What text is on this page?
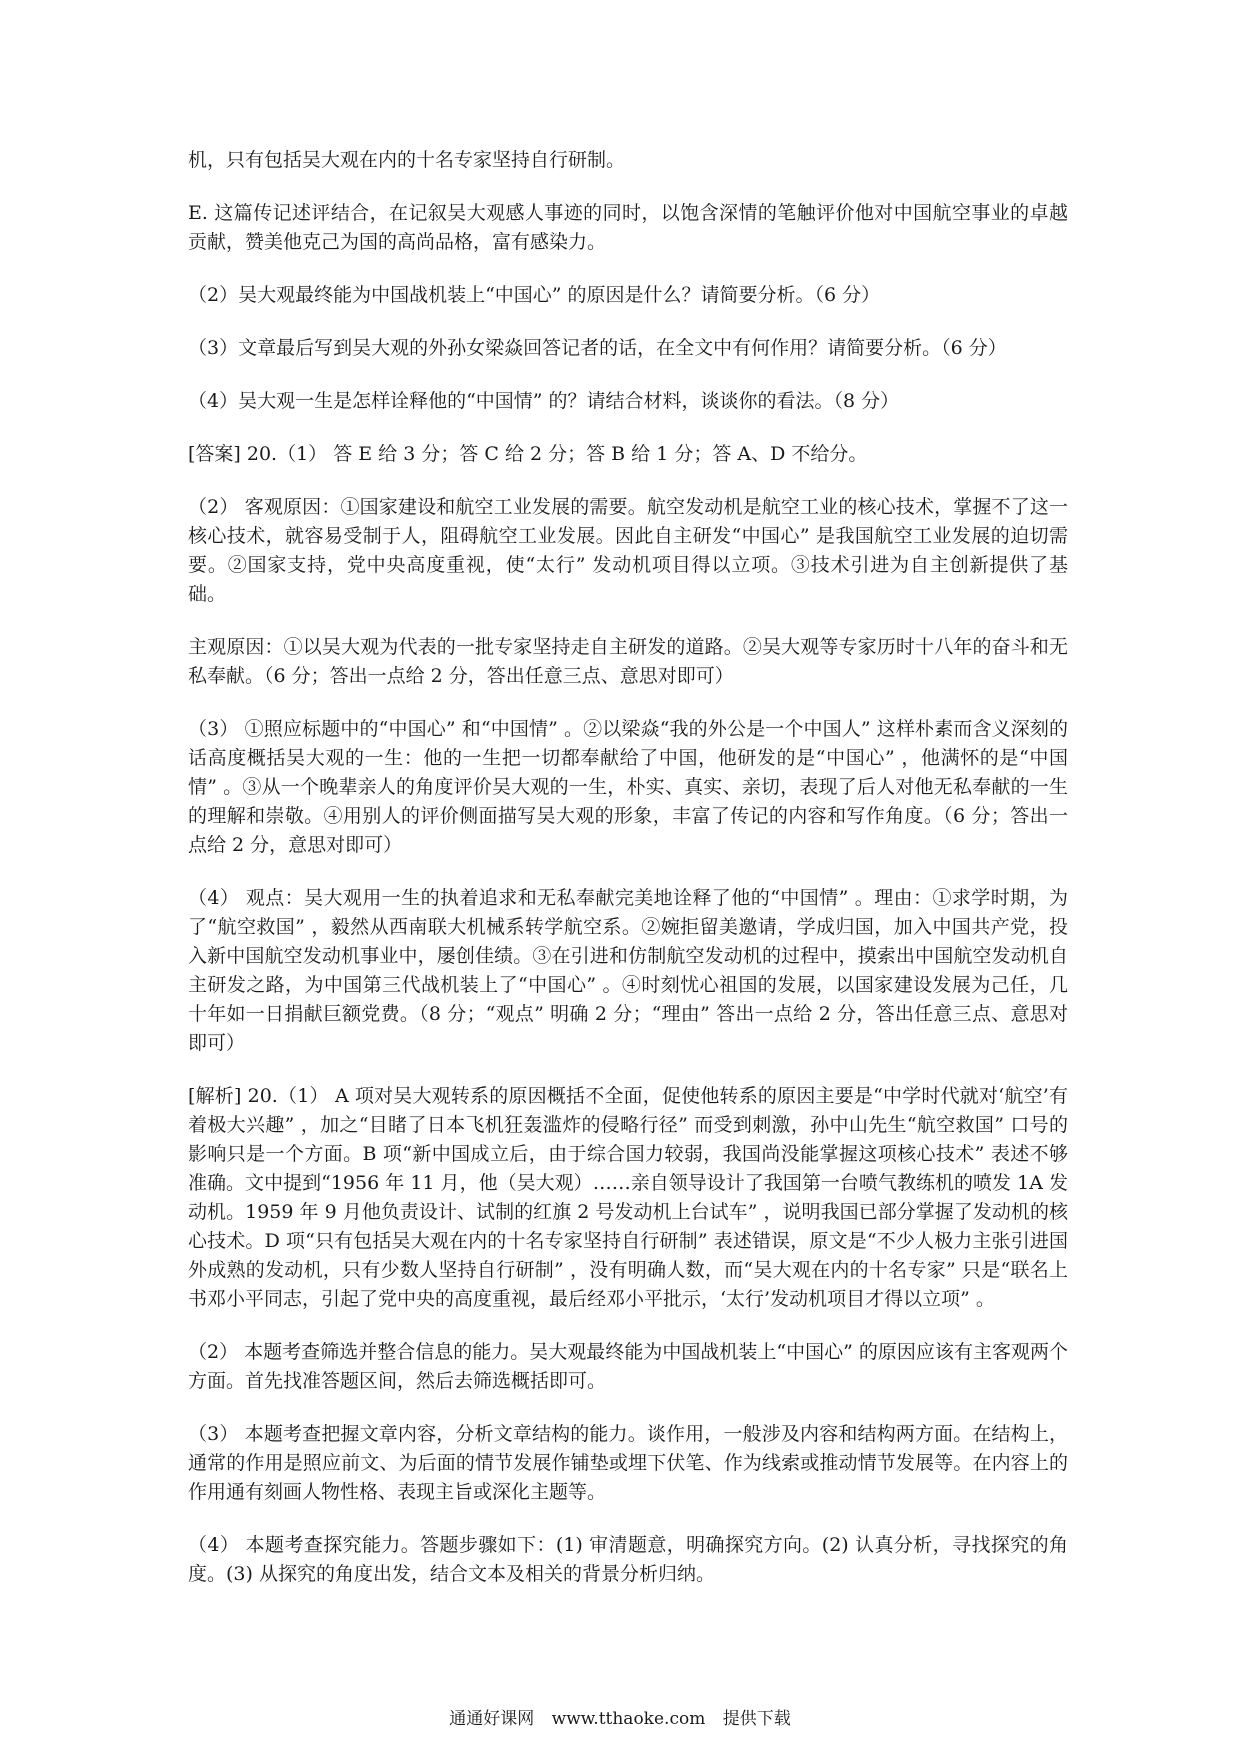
机，只有包括吴大观在内的十名专家坚持自行研制。

E. 这篇传记述评结合，在记叙吴大观感人事迹的同时，以饱含深情的笔触评价他对中国航空事业的卓越贡献，赞美他克己为国的高尚品格，富有感染力。

（2）吴大观最终能为中国战机装上“中国心” 的原因是什么？请简要分析。（6 分）

（3）文章最后写到吴大观的外孙女梁焱回答记者的话，在全文中有何作用？请简要分析。（6 分）

（4）吴大观一生是怎样诠释他的“中国情” 的？请结合材料，谈谈你的看法。（8 分）

[答案] 20.（1） 答 E 给 3 分；答 C 给 2 分；答 B 给 1 分；答 A、D 不给分。

（2） 客观原因：①国家建设和航空工业发展的需要。航空发动机是航空工业的核心技术，掌握不了这一核心技术，就容易受制于人，阻碍航空工业发展。因此自主研发“中国心” 是我国航空工业发展的迫切需要。②国家支持，党中央高度重视，使“太行” 发动机项目得以立项。③技术引进为自主创新提供了基础。

主观原因：①以吴大观为代表的一批专家坚持走自主研发的道路。②吴大观等专家历时十八年的奋斗和无私奉献。（6 分；答出一点给 2 分，答出任意三点、意思对即可）

（3） ①照应标题中的“中国心” 和“中国情” 。②以梁焱“我的外公是一个中国人” 这样朴素而含义深刻的话高度概括吴大观的一生：他的一生把一切都奉献给了中国，他研发的是“中国心” ，他满怀的是“中国情” 。③从一个晚辈亲人的角度评价吴大观的一生，朴实、真实、亲切，表现了后人对他无私奉献的一生的理解和崇敬。④用别人的评价侧面描写吴大观的形象，丰富了传记的内容和写作角度。（6 分；答出一点给 2 分，意思对即可）

（4） 观点：吴大观用一生的执着追求和无私奉献完美地诠释了他的“中国情” 。理由：①求学时期，为了“航空救国” ，毅然从西南联大机械系转学航空系。②婉拒留美邀请，学成归国，加入中国共产党，投入新中国航空发动机事业中，屡创佳绩。③在引进和仿制航空发动机的过程中，摸索出中国航空发动机自主研发之路，为中国第三代战机装上了“中国心” 。④时刻忧心祖国的发展，以国家建设发展为己任，几十年如一日捐献巨额党费。（8 分；“观点” 明确 2 分；“理由” 答出一点给 2 分，答出任意三点、意思对即可）

[解析] 20.（1） A 项对吴大观转系的原因概括不全面，促使他转系的原因主要是“中学时代就对‘航空’有着极大兴趣” ，加之“目睹了日本飞机狂轰滥炸的侵略行径” 而受到刺激，孙中山先生“航空救国” 口号的影响只是一个方面。B 项“新中国成立后，由于综合国力较弱，我国尚没能掌握这项核心技术” 表述不够准确。文中提到“1956 年 11 月，他（吴大观）……亲自领导设计了我国第一台喷气教练机的喷发 1A 发动机。1959 年 9 月他负责设计、试制的红旗 2 号发动机上台试车” ，说明我国已部分掌握了发动机的核心技术。D 项“只有包括吴大观在内的十名专家坚持自行研制” 表述错误，原文是“不少人极力主张引进国外成熟的发动机，只有少数人坚持自行研制” ，没有明确人数，而“吴大观在内的十名专家” 只是“联名上书邓小平同志，引起了党中央的高度重视，最后经邓小平批示，‘太行’发动机项目才得以立项” 。

（2） 本题考查筛选并整合信息的能力。吴大观最终能为中国战机装上“中国心” 的原因应该有主客观两个方面。首先找准答题区间，然后去筛选概括即可。

（3） 本题考查把握文章内容，分析文章结构的能力。谈作用，一般涉及内容和结构两方面。在结构上，通常的作用是照应前文、为后面的情节发展作铺垫或埋下伏笔、作为线索或推动情节发展等。在内容上的作用通有刻画人物性格、表现主旨或深化主题等。

（4） 本题考查探究能力。答题步骤如下：(1) 审清题意，明确探究方向。(2) 认真分析，寻找探究的角度。(3) 从探究的角度出发，结合文本及相关的背景分析归纳。

通通好课网 www.tthaoke.com 提供下载
